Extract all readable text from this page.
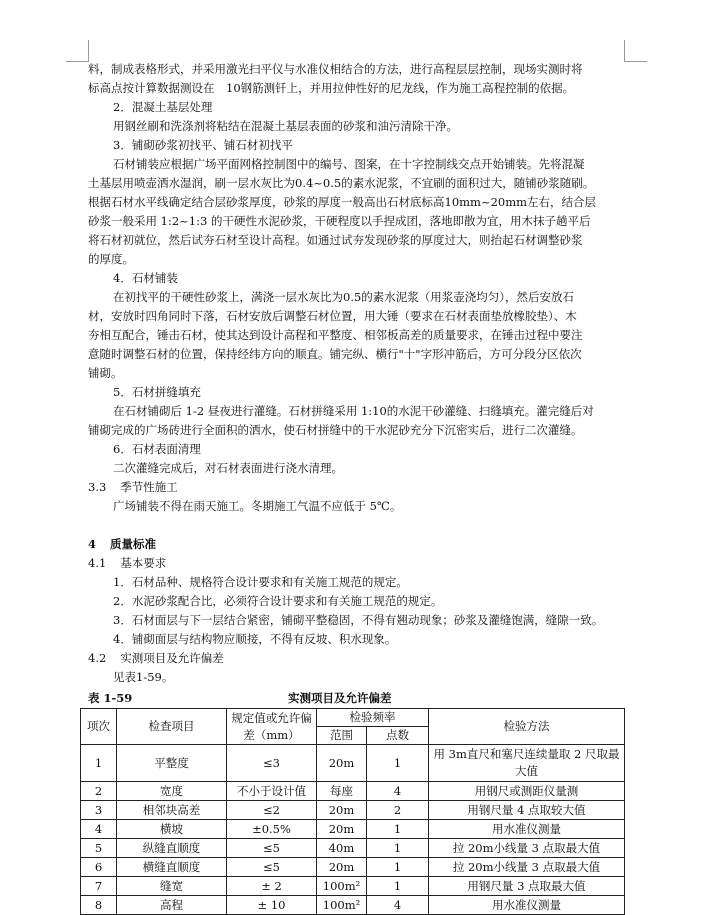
料，制成表格形式，并采用激光扫平仪与水准仪相结合的方法，进行高程层层控制，现场实测时将

标高点按计算数据测设在　10钢筋测钎上，并用拉伸性好的尼龙线，作为施工高程控制的依据。

2．混凝土基层处理

用钢丝刷和洗涤剂将粘结在混凝土基层表面的砂浆和油污清除干净。

3．铺砌砂浆初找平、铺石材初找平

石材铺装应根据广场平面网格控制图中的编号、图案，在十字控制线交点开始铺装。先将混凝

土基层用喷壶洒水湿润，刷一层水灰比为0.4~0.5的素水泥浆，不宜刷的面积过大，随铺砂浆随刷。

根据石材水平线确定结合层砂浆厚度，砂浆的厚度一般高出石材底标高10mm~20mm左右，结合层

砂浆一般采用 1:2~1:3 的干硬性水泥砂浆，干硬程度以手捏成团，落地即散为宜，用木抹子趟平后

将石材初就位，然后试夯石材至设计高程。如通过试夯发现砂浆的厚度过大，则抬起石材调整砂浆

的厚度。

4．石材铺装

在初找平的干硬性砂浆上，满浇一层水灰比为0.5的素水泥浆（用浆壶浇均匀），然后安放石

材，安放时四角同时下落，石材安放后调整石材位置，用大锤（要求在石材表面垫放橡胶垫）、木

夯相互配合，锤击石材，使其达到设计高程和平整度、相邻板高差的质量要求，在锤击过程中要注

意随时调整石材的位置，保持经纬方向的顺直。铺完纵、横行"十"字形冲筋后，方可分段分区依次

铺砌。

5．石材拼缝填充

在石材铺砌后 1-2 昼夜进行灌缝。石材拼缝采用 1:10的水泥干砂灌缝、扫缝填充。灌完缝后对

铺砌完成的广场砖进行全面积的洒水，使石材拼缝中的干水泥砂充分下沉密实后，进行二次灌缝。

6．石材表面清理

二次灌缝完成后，对石材表面进行浇水清理。

3.3 季节性施工

广场铺装不得在雨天施工。冬期施工气温不应低于 5℃。

4 质量标准

4.1 基本要求

1．石材品种、规格符合设计要求和有关施工规范的规定。

2．水泥砂浆配合比，必须符合设计要求和有关施工规范的规定。

3．石材面层与下一层结合紧密，铺砌平整稳固，不得有翘动现象；砂浆及灌缝饱满，缝隙一致。

4．铺砌面层与结构物应顺接，不得有反坡、积水现象。

4.2 实测项目及允许偏差

见表1-59。

表 1-59	实测项目及允许偏差
项次	检查项目	规定值或允许偏差（mm）	检验频率		检验方法
			范围	点数	
1	平整度	≤3	20m	1	用 3m直尺和塞尺连续量取 2 尺取最大值
2	宽度	不小于设计值	每座	4	用钢尺或测距仪量测
3	相邻块高差	≤2	20m	2	用钢尺量 4 点取较大值
4	横坡	±0.5%	20m	1	用水准仪测量
5	纵缝直顺度	≤5	40m	1	拉 20m小线量 3 点取最大值
6	横缝直顺度	≤5	20m	1	拉 20m小线量 3 点取最大值
7	缝宽	± 2	100m²	1	用钢尺量 3 点取最大值
8	高程	± 10	100m²	4	用水准仪测量
